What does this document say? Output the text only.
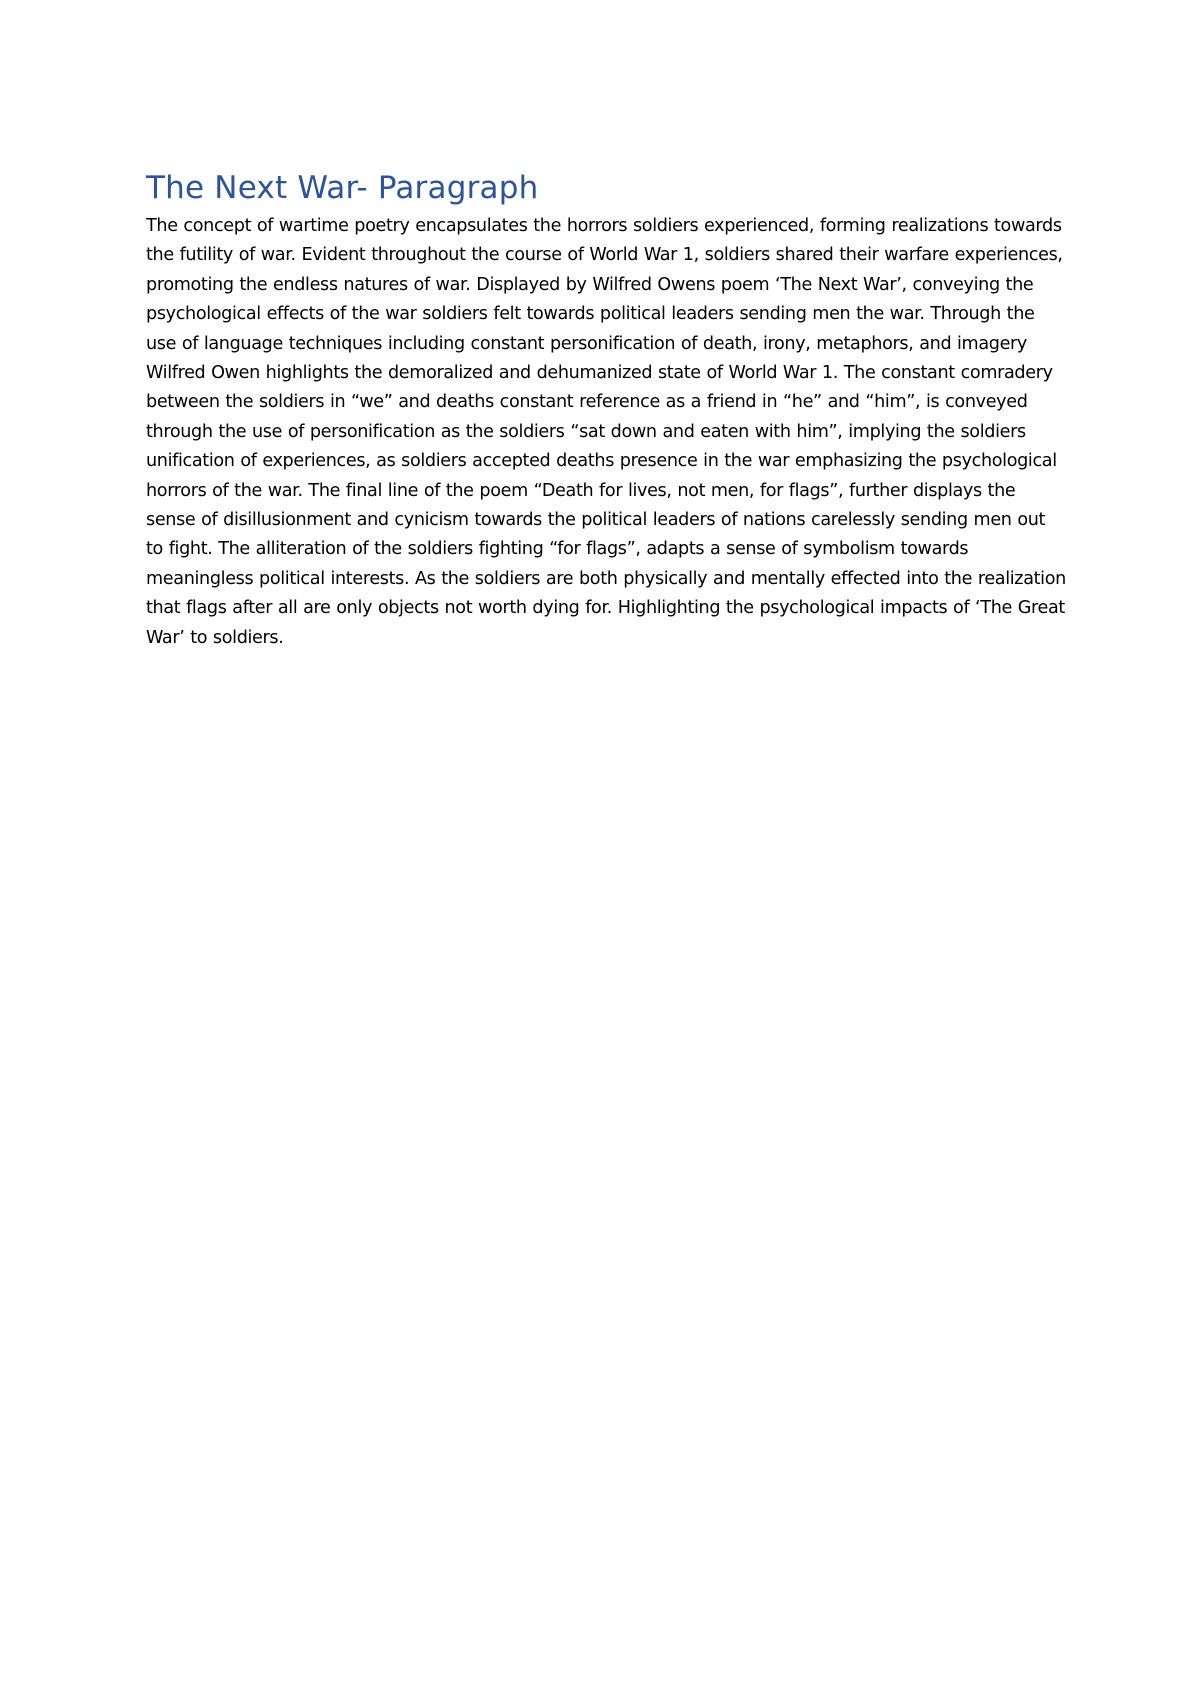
The Next War- Paragraph

The concept of wartime poetry encapsulates the horrors soldiers experienced, forming realizations towards the futility of war. Evident throughout the course of World War 1, soldiers shared their warfare experiences, promoting the endless natures of war. Displayed by Wilfred Owens poem ‘The Next War’, conveying the psychological effects of the war soldiers felt towards political leaders sending men the war. Through the use of language techniques including constant personification of death, irony, metaphors, and imagery Wilfred Owen highlights the demoralized and dehumanized state of World War 1. The constant comradery between the soldiers in “we” and deaths constant reference as a friend in “he” and “him”, is conveyed through the use of personification as the soldiers “sat down and eaten with him”, implying the soldiers unification of experiences, as soldiers accepted deaths presence in the war emphasizing the psychological horrors of the war. The final line of the poem “Death for lives, not men, for flags”, further displays the sense of disillusionment and cynicism towards the political leaders of nations carelessly sending men out to fight. The alliteration of the soldiers fighting “for flags”, adapts a sense of symbolism towards meaningless political interests. As the soldiers are both physically and mentally effected into the realization that flags after all are only objects not worth dying for. Highlighting the psychological impacts of ‘The Great War’ to soldiers.
